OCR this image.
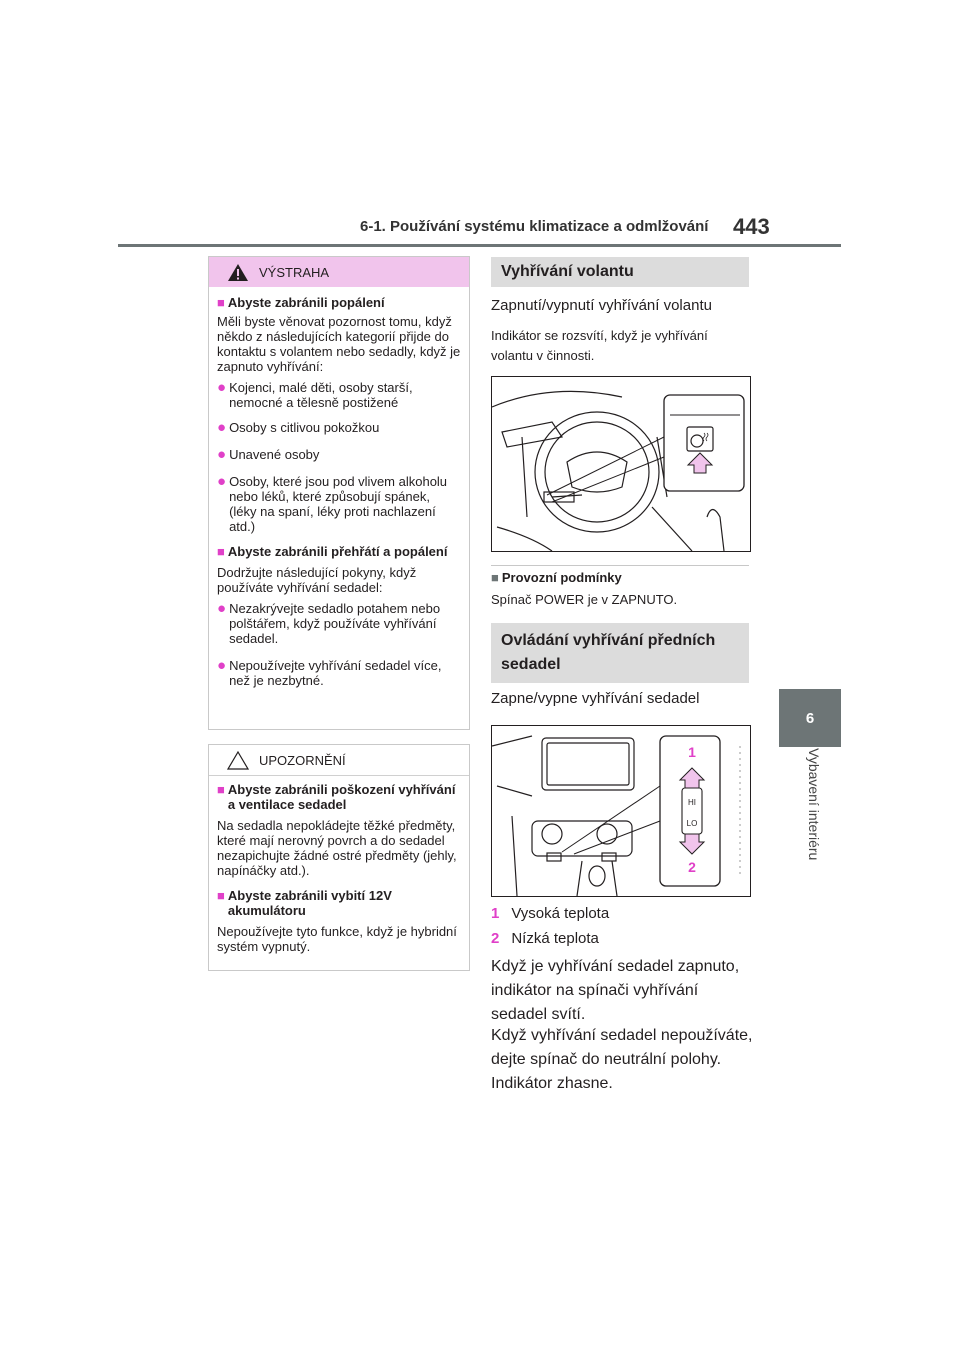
6-1. Používání systému klimatizace a odmlžování 443
6
Vybavení interiéru
VÝSTRAHA

■ Abyste zabránili popálení

Měli byste věnovat pozornost tomu, když někdo z následujících kategorií přijde do kontaktu s volantem nebo sedadly, když je zapnuto vyhřívání:

● Kojenci, malé děti, osoby starší, nemocné a tělesně postižené

● Osoby s citlivou pokožkou

● Unavené osoby

● Osoby, které jsou pod vlivem alkoholu nebo léků, které způsobují spánek, (léky na spaní, léky proti nachlazení atd.)

■ Abyste zabránili přehřátí a popálení

Dodržujte následující pokyny, když používáte vyhřívání sedadel:

● Nezakrývejte sedadlo potahem nebo polštářem, když používáte vyhřívání sedadel.

● Nepoužívejte vyhřívání sedadel více, než je nezbytné.

UPOZORNĚNÍ

■ Abyste zabránili poškození vyhřívání a ventilace sedadel

Na sedadla nepokládejte těžké předměty, které mají nerovný povrch a do sedadel nezapichujte žádné ostré předměty (jehly, napínáčky atd.).

■ Abyste zabránili vybití 12V akumulátoru

Nepoužívejte tyto funkce, když je hybridní systém vypnutý.

Vyhřívání volantu
Zapnutí/vypnutí vyhřívání volantu
Indikátor se rozsvítí, když je vyhřívání volantu v činnosti.
■ Provozní podmínky
Spínač POWER je v ZAPNUTO.
Ovládání vyhřívání předních sedadel
Zapne/vypne vyhřívání sedadel
1
2
HI
LO
1 Vysoká teplota
2 Nízká teplota
Když je vyhřívání sedadel zapnuto, indikátor na spínači vyhřívání sedadel svítí.
Když vyhřívání sedadel nepoužíváte, dejte spínač do neutrální polohy. Indikátor zhasne.
